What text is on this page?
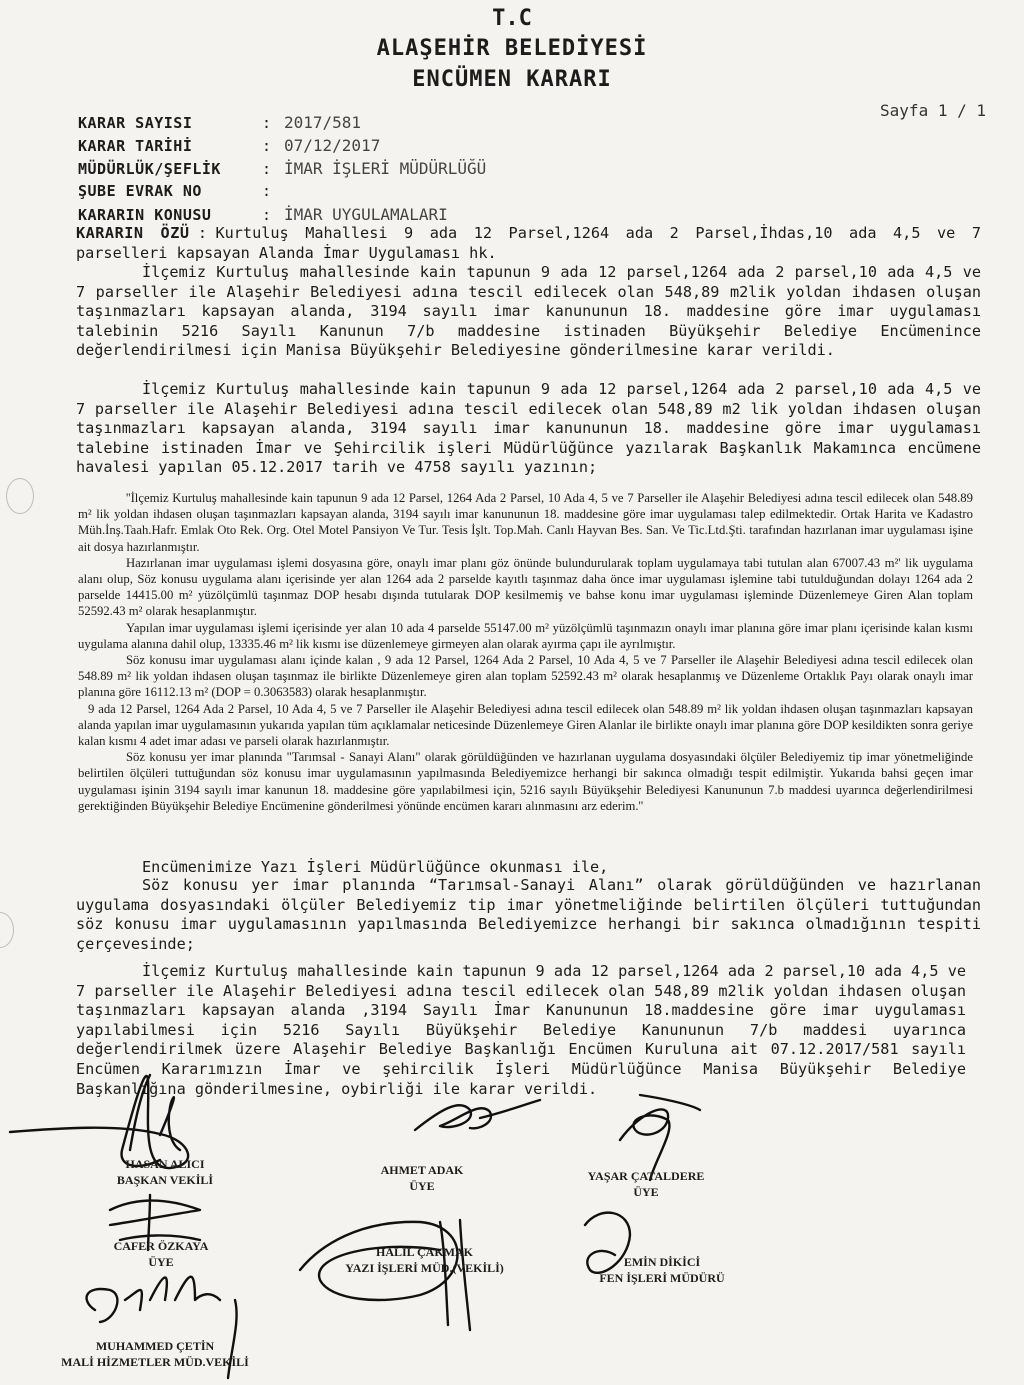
T.C
ALAŞEHİR BELEDİYESİ
ENCÜMEN KARARI
Sayfa 1 / 1
KARAR SAYISI	: 2017/581
KARAR TARİHİ	: 07/12/2017
MÜDÜRLÜK/ŞEFLİK	: İMAR İŞLERİ MÜDÜRLÜĞÜ
ŞUBE EVRAK NO	:
KARARIN KONUSU	: İMAR UYGULAMALARI

KARARIN ÖZÜ : Kurtuluş Mahallesi 9 ada 12 Parsel,1264 ada 2 Parsel,İhdas,10 ada 4,5 ve 7 parselleri kapsayan Alanda İmar Uygulaması hk.

İlçemiz Kurtuluş mahallesinde kain tapunun 9 ada 12 parsel,1264 ada 2 parsel,10 ada 4,5 ve 7 parseller ile Alaşehir Belediyesi adına tescil edilecek olan 548,89 m2lik yoldan ihdasen oluşan taşınmazları kapsayan alanda, 3194 sayılı imar kanununun 18. maddesine göre imar uygulaması talebinin 5216 Sayılı Kanunun 7/b maddesine istinaden Büyükşehir Belediye Encümenince değerlendirilmesi için Manisa Büyükşehir Belediyesine gönderilmesine karar verildi.

İlçemiz Kurtuluş mahallesinde kain tapunun 9 ada 12 parsel,1264 ada 2 parsel,10 ada 4,5 ve 7 parseller ile Alaşehir Belediyesi adına tescil edilecek olan 548,89 m2 lik yoldan ihdasen oluşan taşınmazları kapsayan alanda, 3194 sayılı imar kanununun 18. maddesine göre imar uygulaması talebine istinaden İmar ve Şehircilik işleri Müdürlüğünce yazılarak Başkanlık Makamınca encümene havalesi yapılan 05.12.2017 tarih ve 4758 sayılı yazının;

''İlçemiz Kurtuluş mahallesinde kain tapunun 9 ada 12 Parsel, 1264 Ada 2 Parsel, 10 Ada 4, 5 ve 7 Parseller ile Alaşehir Belediyesi adına tescil edilecek olan 548.89 m² lik yoldan ihdasen oluşan taşınmazları kapsayan alanda, 3194 sayılı imar kanununun 18. maddesine göre imar uygulaması talep edilmektedir. Ortak Harita ve Kadastro Müh.İnş.Taah.Hafr. Emlak Oto Rek. Org. Otel Motel Pansiyon Ve Tur. Tesis İşlt. Top.Mah. Canlı Hayvan Bes. San. Ve Tic.Ltd.Şti. tarafından hazırlanan imar uygulaması işine ait dosya hazırlanmıştır.
Hazırlanan imar uygulaması işlemi dosyasına göre, onaylı imar planı göz önünde bulundurularak toplam uygulamaya tabi tutulan alan 67007.43 m²' lik uygulama alanı olup, Söz konusu uygulama alanı içerisinde yer alan 1264 ada 2 parselde kayıtlı taşınmaz daha önce imar uygulaması işlemine tabi tutulduğundan dolayı 1264 ada 2 parselde 14415.00 m² yüzölçümlü taşınmaz DOP hesabı dışında tutularak DOP kesilmemiş ve bahse konu imar uygulaması işleminde Düzenlemeye Giren Alan toplam 52592.43 m² olarak hesaplanmıştır.
Yapılan imar uygulaması işlemi içerisinde yer alan 10 ada 4 parselde 55147.00 m² yüzölçümlü taşınmazın onaylı imar planına göre imar planı içerisinde kalan kısmı uygulama alanına dahil olup, 13335.46 m² lik kısmı ise düzenlemeye girmeyen alan olarak ayırma çapı ile ayrılmıştır.
Söz konusu imar uygulaması alanı içinde kalan , 9 ada 12 Parsel, 1264 Ada 2 Parsel, 10 Ada 4, 5 ve 7 Parseller ile Alaşehir Belediyesi adına tescil edilecek olan 548.89 m² lik yoldan ihdasen oluşan taşınmaz ile birlikte Düzenlemeye giren alan toplam 52592.43 m² olarak hesaplanmış ve Düzenleme Ortaklık Payı olarak onaylı imar planına göre 16112.13 m² (DOP = 0.3063583) olarak hesaplanmıştır.
9 ada 12 Parsel, 1264 Ada 2 Parsel, 10 Ada 4, 5 ve 7 Parseller ile Alaşehir Belediyesi adına tescil edilecek olan 548.89 m² lik yoldan ihdasen oluşan taşınmazları kapsayan alanda yapılan imar uygulamasının yukarıda yapılan tüm açıklamalar neticesinde Düzenlemeye Giren Alanlar ile birlikte onaylı imar planına göre DOP kesildikten sonra geriye kalan kısmı 4 adet imar adası ve parseli olarak hazırlanmıştır.
Söz konusu yer imar planında "Tarımsal - Sanayi Alanı" olarak görüldüğünden ve hazırlanan uygulama dosyasındaki ölçüler Belediyemiz tip imar yönetmeliğinde belirtilen ölçüleri tuttuğundan söz konusu imar uygulamasının yapılmasında Belediyemizce herhangi bir sakınca olmadığı tespit edilmiştir. Yukarıda bahsi geçen imar uygulaması işinin 3194 sayılı imar kanunun 18. maddesine göre yapılabilmesi için, 5216 sayılı Büyükşehir Belediyesi Kanununun 7.b maddesi uyarınca değerlendirilmesi gerektiğinden Büyükşehir Belediye Encümenine gönderilmesi yönünde encümen kararı alınmasını arz ederim.''

Encümenimize Yazı İşleri Müdürlüğünce okunması ile,

Söz konusu yer imar planında “Tarımsal-Sanayi Alanı” olarak görüldüğünden ve hazırlanan uygulama dosyasındaki ölçüler Belediyemiz tip imar yönetmeliğinde belirtilen ölçüleri tuttuğundan söz konusu imar uygulamasının yapılmasında Belediyemizce herhangi bir sakınca olmadığının tespiti çerçevesinde;

İlçemiz Kurtuluş mahallesinde kain tapunun 9 ada 12 parsel,1264 ada 2 parsel,10 ada 4,5 ve 7 parseller ile Alaşehir Belediyesi adına tescil edilecek olan 548,89 m2lik yoldan ihdasen oluşan taşınmazları kapsayan alanda ,3194 Sayılı İmar Kanununun 18.maddesine göre imar uygulaması yapılabilmesi için 5216 Sayılı Büyükşehir Belediye Kanununun 7/b maddesi uyarınca değerlendirilmek üzere Alaşehir Belediye Başkanlığı Encümen Kuruluna ait 07.12.2017/581 sayılı Encümen Kararımızın İmar ve şehircilik İşleri Müdürlüğünce Manisa Büyükşehir Belediye Başkanlığına gönderilmesine, oybirliği ile karar verildi.

HASAN ALICI
BAŞKAN VEKİLİ
AHMET ADAK
ÜYE
YAŞAR ÇATALDERE
ÜYE
CAFER ÖZKAYA
ÜYE
HALİL ÇAKMAK
YAZI İŞLERİ MÜD.(VEKİLİ)	EMİN DİKİCİ
FEN İŞLERİ MÜDÜRÜ
MUHAMMED ÇETİN
MALİ HİZMETLER MÜD.VEKİLİ
